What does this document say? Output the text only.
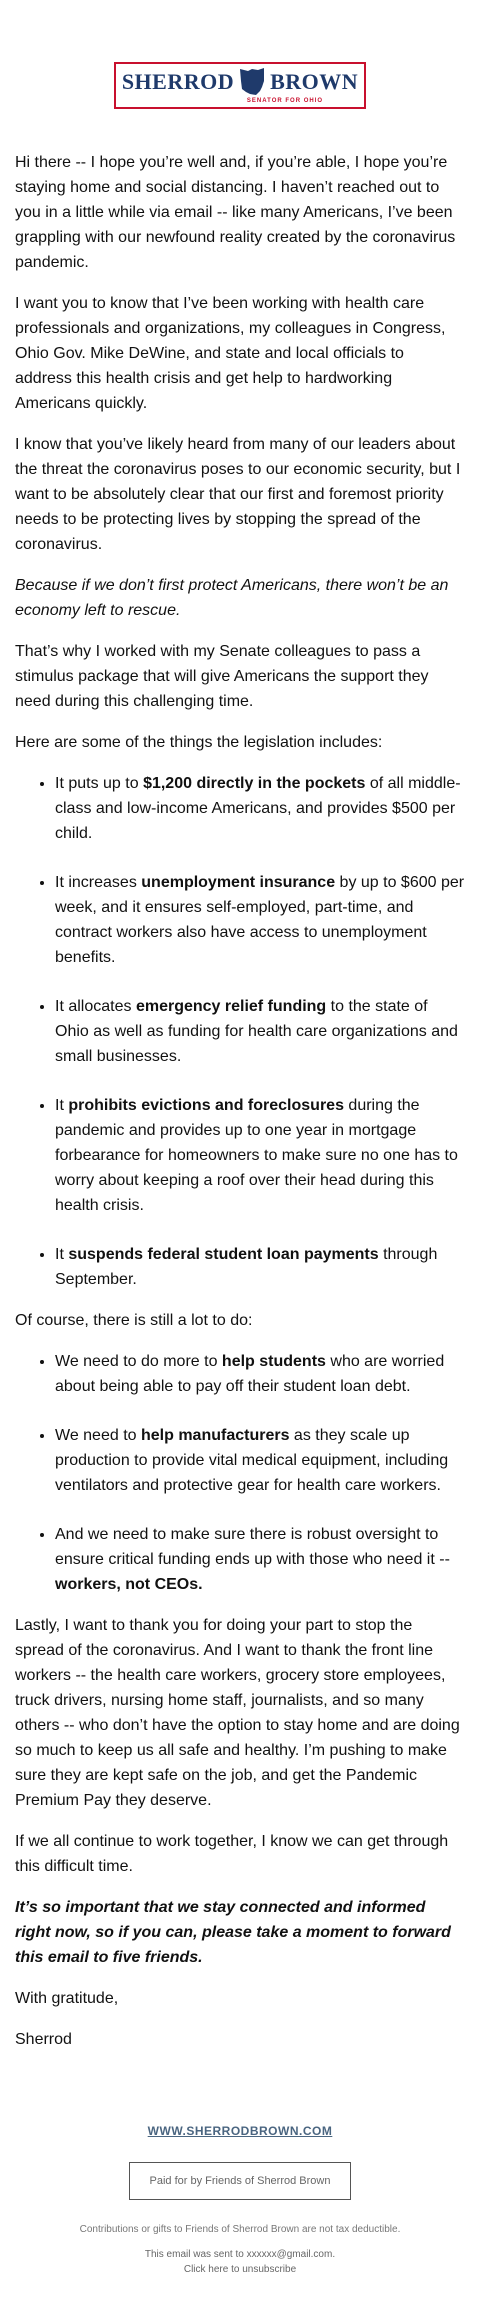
SHERROD BROWN
SENATOR FOR OHIO

Hi there -- I hope you’re well and, if you’re able, I hope you’re staying home and social distancing. I haven’t reached out to you in a little while via email -- like many Americans, I’ve been grappling with our newfound reality created by the coronavirus pandemic.

I want you to know that I’ve been working with health care professionals and organizations, my colleagues in Congress, Ohio Gov. Mike DeWine, and state and local officials to address this health crisis and get help to hardworking Americans quickly.

I know that you’ve likely heard from many of our leaders about the threat the coronavirus poses to our economic security, but I want to be absolutely clear that our first and foremost priority needs to be protecting lives by stopping the spread of the coronavirus.

Because if we don’t first protect Americans, there won’t be an economy left to rescue.

That’s why I worked with my Senate colleagues to pass a stimulus package that will give Americans the support they need during this challenging time.

Here are some of the things the legislation includes:

• It puts up to $1,200 directly in the pockets of all middle-class and low-income Americans, and provides $500 per child.
• It increases unemployment insurance by up to $600 per week, and it ensures self-employed, part-time, and contract workers also have access to unemployment benefits.
• It allocates emergency relief funding to the state of Ohio as well as funding for health care organizations and small businesses.
• It prohibits evictions and foreclosures during the pandemic and provides up to one year in mortgage forbearance for homeowners to make sure no one has to worry about keeping a roof over their head during this health crisis.
• It suspends federal student loan payments through September.

Of course, there is still a lot to do:

• We need to do more to help students who are worried about being able to pay off their student loan debt.
• We need to help manufacturers as they scale up production to provide vital medical equipment, including ventilators and protective gear for health care workers.
• And we need to make sure there is robust oversight to ensure critical funding ends up with those who need it -- workers, not CEOs.

Lastly, I want to thank you for doing your part to stop the spread of the coronavirus. And I want to thank the front line workers -- the health care workers, grocery store employees, truck drivers, nursing home staff, journalists, and so many others -- who don’t have the option to stay home and are doing so much to keep us all safe and healthy. I’m pushing to make sure they are kept safe on the job, and get the Pandemic Premium Pay they deserve.

If we all continue to work together, I know we can get through this difficult time.

It’s so important that we stay connected and informed right now, so if you can, please take a moment to forward this email to five friends.

With gratitude,

Sherrod

WWW.SHERRODBROWN.COM
Paid for by Friends of Sherrod Brown
Contributions or gifts to Friends of Sherrod Brown are not tax deductible.
This email was sent to xxxxxx@gmail.com.
Click here to unsubscribe
